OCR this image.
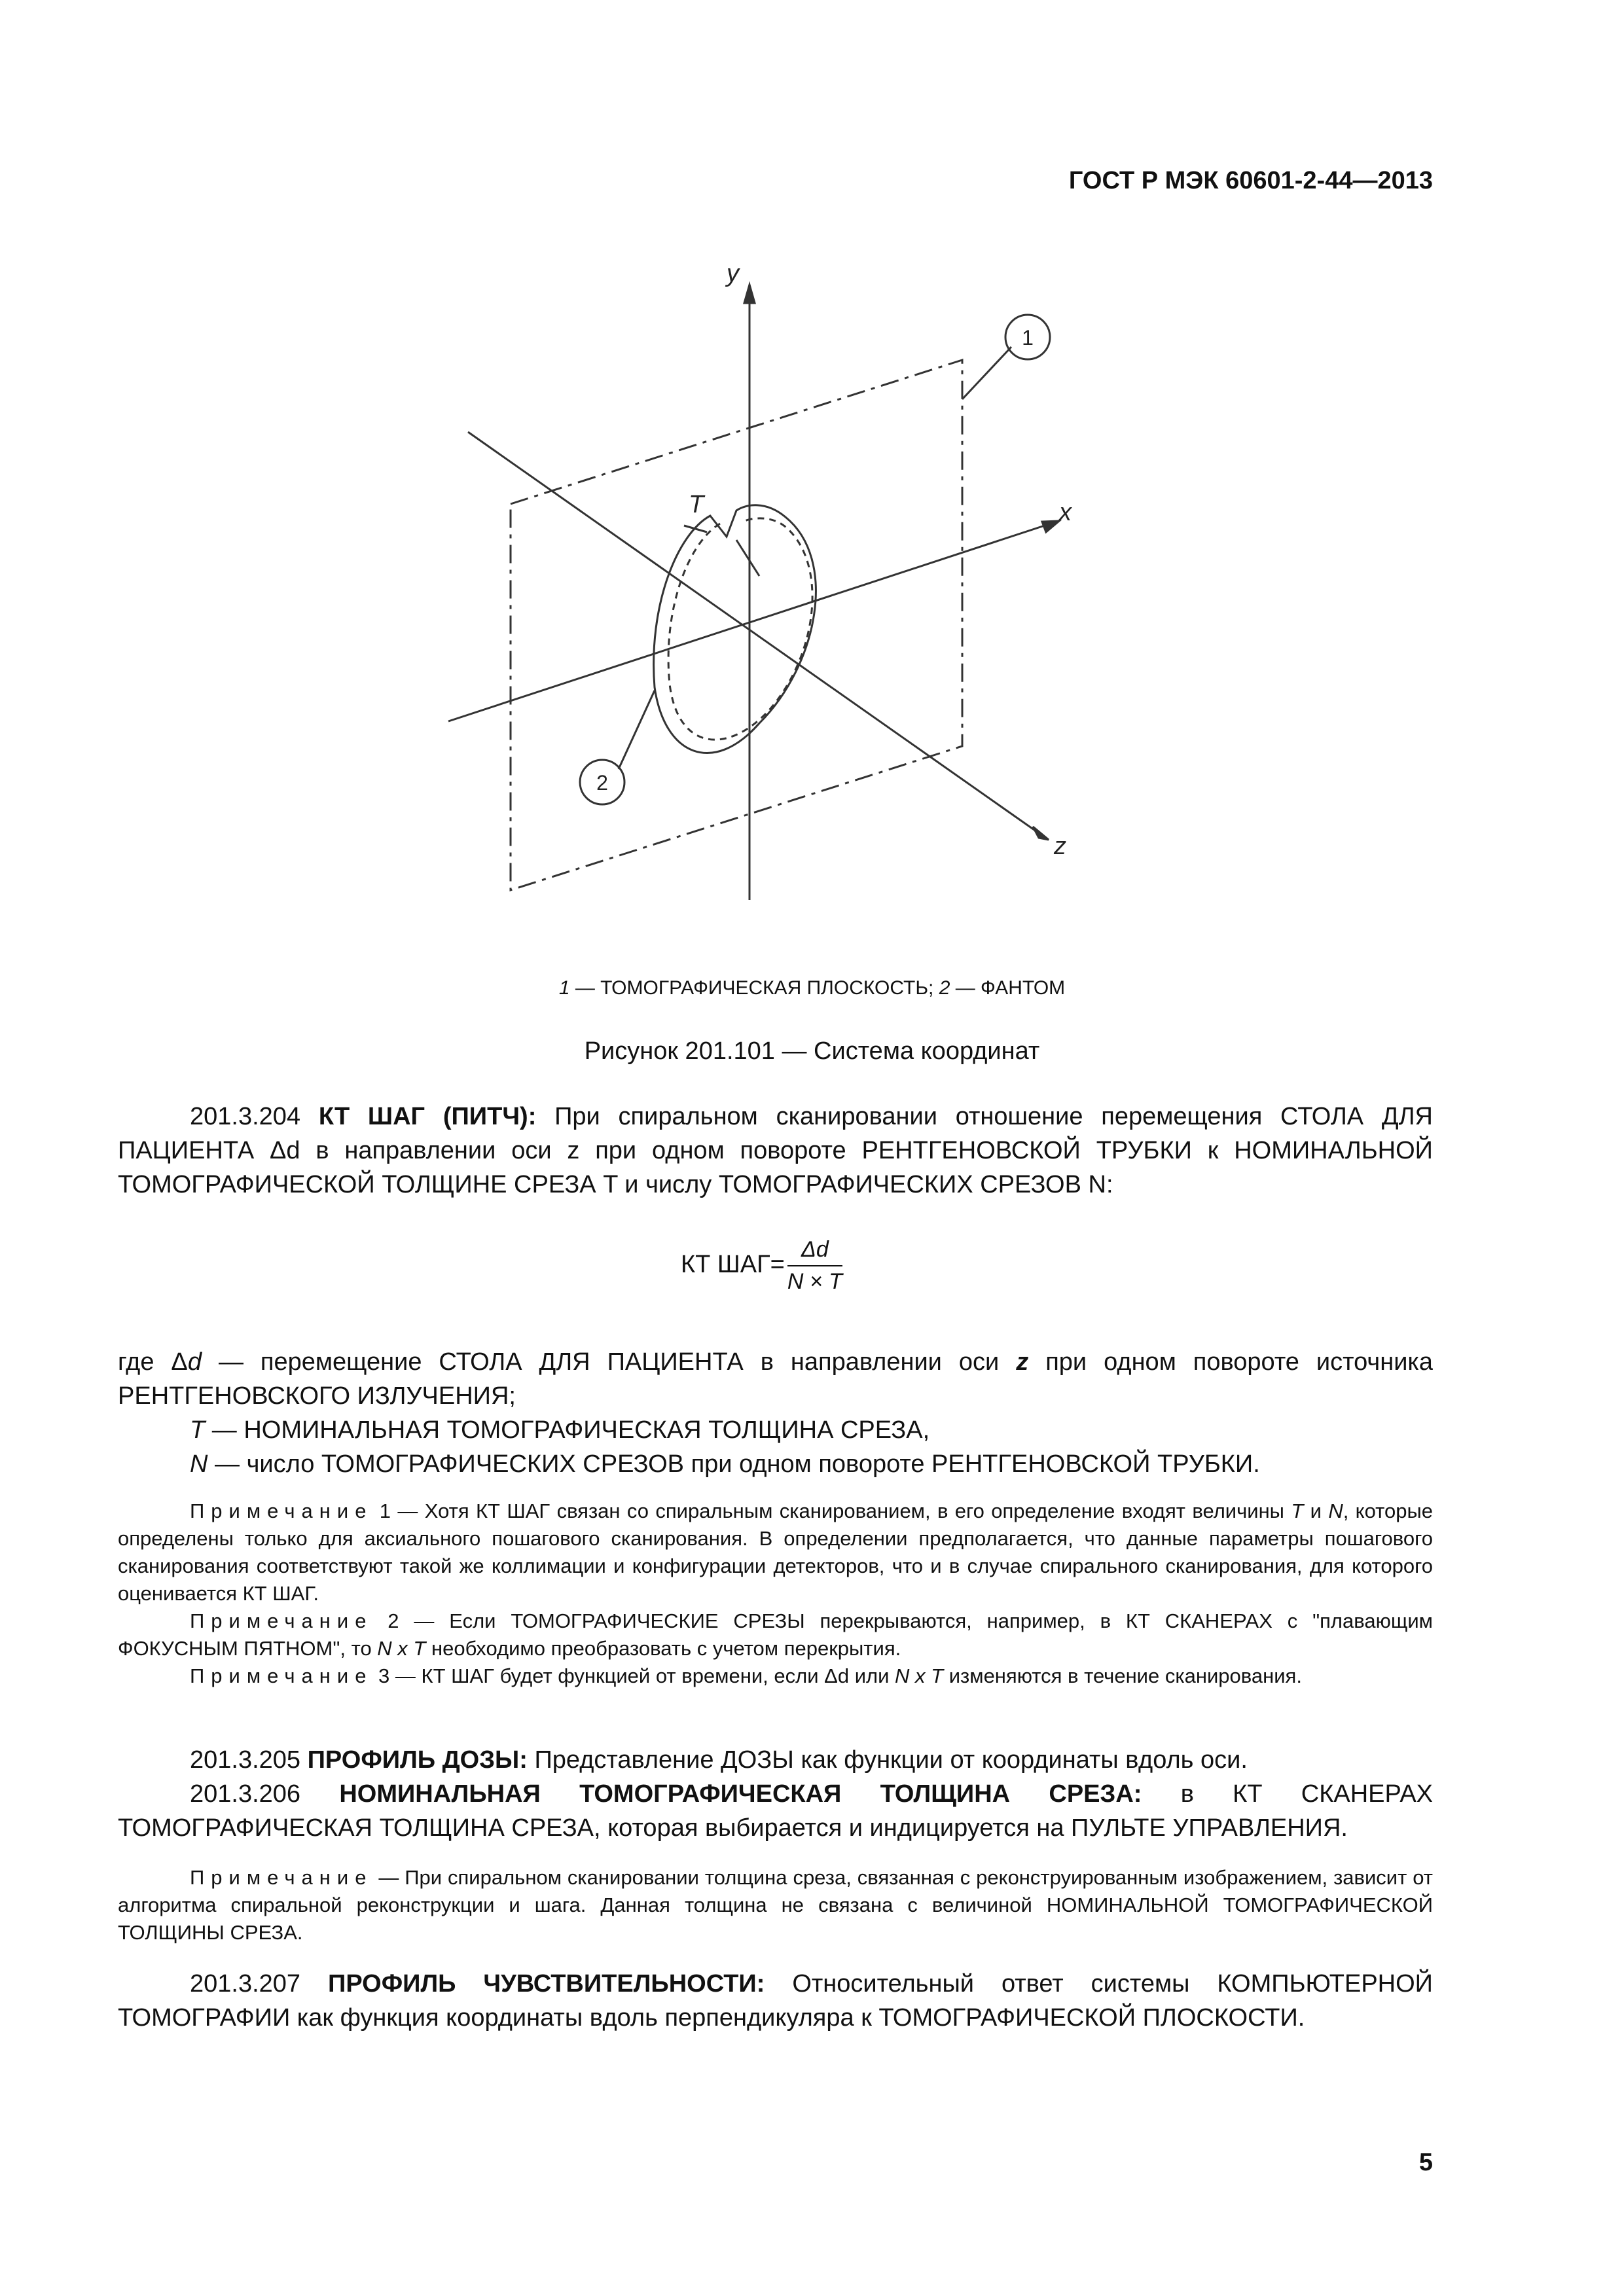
ГОСТ Р МЭК 60601-2-44—2013
y
x
z
T
1
2
1 — ТОМОГРАФИЧЕСКАЯ ПЛОСКОСТЬ; 2 — ФАНТОМ
Рисунок 201.101 — Система координат

201.3.204 КТ ШАГ (ПИТЧ): При спиральном сканировании отношение перемещения СТОЛА ДЛЯ ПАЦИЕНТА Δd в направлении оси z при одном повороте РЕНТГЕНОВСКОЙ ТРУБКИ к НОМИНАЛЬНОЙ ТОМОГРАФИЧЕСКОЙ ТОЛЩИНЕ СРЕЗА T и числу ТОМОГРАФИЧЕСКИХ СРЕЗОВ N:

КТ $ШАГ= \frac{\Delta d}{N \times T}$

где Δd — перемещение СТОЛА ДЛЯ ПАЦИЕНТА в направлении оси z при одном повороте источника РЕНТГЕНОВСКОГО ИЗЛУЧЕНИЯ;

T — НОМИНАЛЬНАЯ ТОМОГРАФИЧЕСКАЯ ТОЛЩИНА СРЕЗА,

N — число ТОМОГРАФИЧЕСКИХ СРЕЗОВ при одном повороте РЕНТГЕНОВСКОЙ ТРУБКИ.

Примечание 1 — Хотя КТ ШАГ связан со спиральным сканированием, в его определение входят величины T и N, которые определены только для аксиального пошагового сканирования. В определении предполагается, что данные параметры пошагового сканирования соответствуют такой же коллимации и конфигурации детекторов, что и в случае спирального сканирования, для которого оценивается КТ ШАГ.

Примечание 2 — Если ТОМОГРАФИЧЕСКИЕ СРЕЗЫ перекрываются, например, в КТ СКАНЕРАХ с "плавающим ФОКУСНЫМ ПЯТНОМ", то N x T необходимо преобразовать с учетом перекрытия.

Примечание 3 — КТ ШАГ будет функцией от времени, если Δd или N x T изменяются в течение сканирования.

201.3.205 ПРОФИЛЬ ДОЗЫ: Представление ДОЗЫ как функции от координаты вдоль оси.

201.3.206 НОМИНАЛЬНАЯ ТОМОГРАФИЧЕСКАЯ ТОЛЩИНА СРЕЗА: в КТ СКАНЕРАХ ТОМОГРАФИЧЕСКАЯ ТОЛЩИНА СРЕЗА, которая выбирается и индицируется на ПУЛЬТЕ УПРАВЛЕНИЯ.

Примечание — При спиральном сканировании толщина среза, связанная с реконструированным изображением, зависит от алгоритма спиральной реконструкции и шага. Данная толщина не связана с величиной НОМИНАЛЬНОЙ ТОМОГРАФИЧЕСКОЙ ТОЛЩИНЫ СРЕЗА.

201.3.207 ПРОФИЛЬ ЧУВСТВИТЕЛЬНОСТИ: Относительный ответ системы КОМПЬЮТЕРНОЙ ТОМОГРАФИИ как функция координаты вдоль перпендикуляра к ТОМОГРАФИЧЕСКОЙ ПЛОСКОСТИ.

5
